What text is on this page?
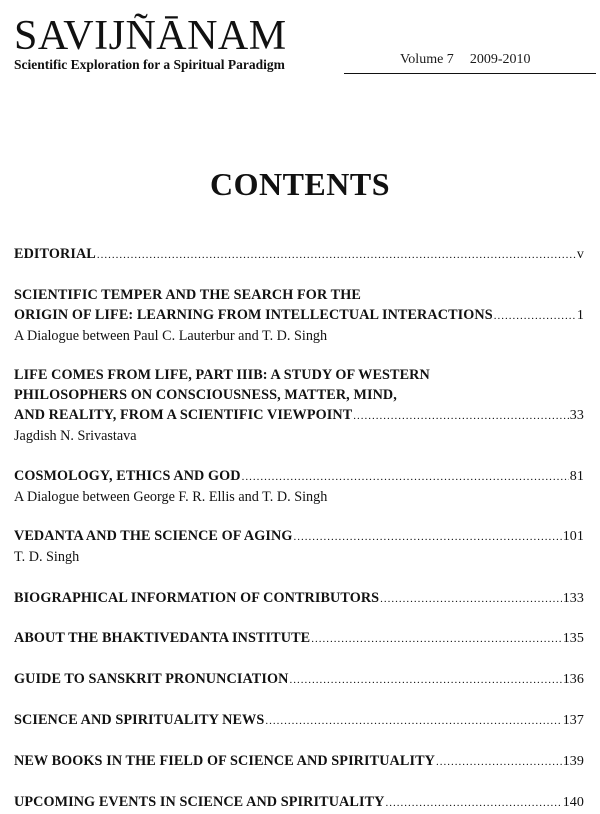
SAVIJÑĀNAM
Scientific Exploration for a Spiritual Paradigm	Volume 7 2009-2010
CONTENTS
EDITORIAL .....	v
SCIENTIFIC TEMPER AND THE SEARCH FOR THE
ORIGIN OF LIFE: LEARNING FROM INTELLECTUAL INTERACTIONS .....	1
A Dialogue between Paul C. Lauterbur and T. D. Singh
LIFE COMES FROM LIFE, PART IIIB: A STUDY OF WESTERN
PHILOSOPHERS ON CONSCIOUSNESS, MATTER, MIND,
AND REALITY, FROM A SCIENTIFIC VIEWPOINT .....	33
Jagdish N. Srivastava
COSMOLOGY, ETHICS AND GOD .....	81
A Dialogue between George F. R. Ellis and T. D. Singh
VEDANTA AND THE SCIENCE OF AGING .....	101
T. D. Singh
BIOGRAPHICAL INFORMATION OF CONTRIBUTORS .....	133
ABOUT THE BHAKTIVEDANTA INSTITUTE .....	135
GUIDE TO SANSKRIT PRONUNCIATION .....	136
SCIENCE AND SPIRITUALITY NEWS .....	137
NEW BOOKS IN THE FIELD OF SCIENCE AND SPIRITUALITY .....	139
UPCOMING EVENTS IN SCIENCE AND SPIRITUALITY .....	140
